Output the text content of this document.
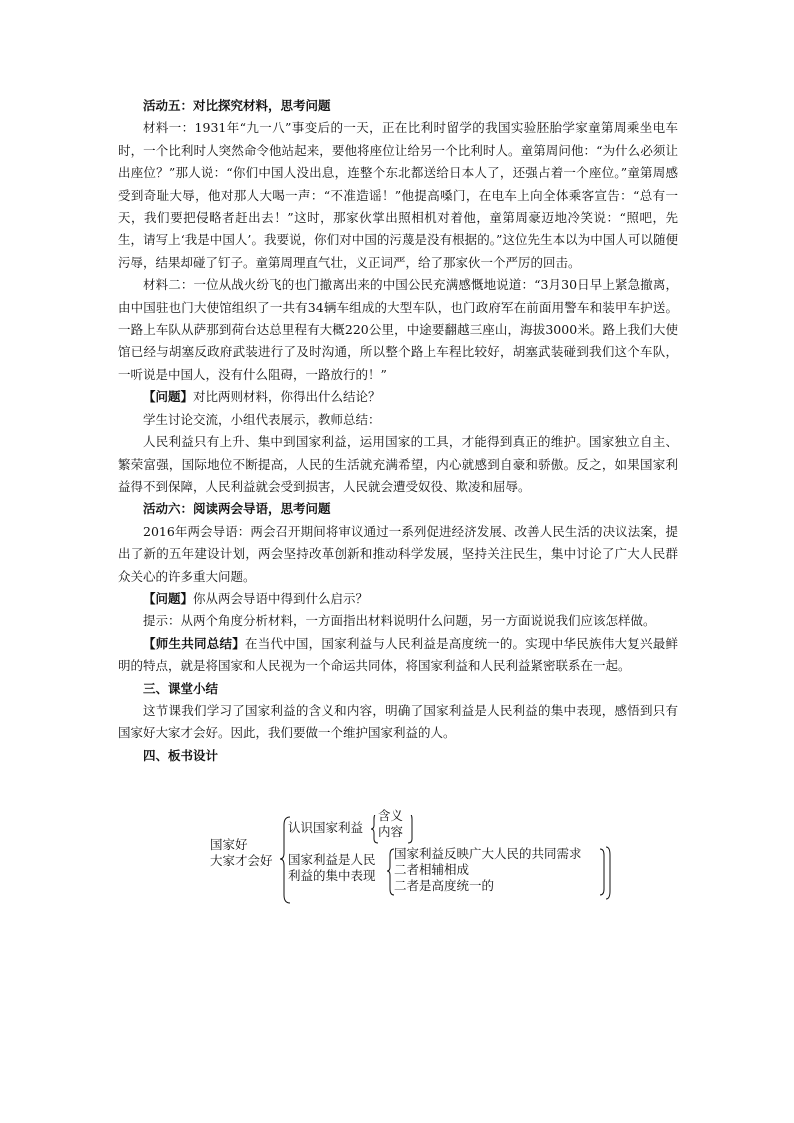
活动五：对比探究材料，思考问题

材料一：1931年“九一八”事变后的一天，正在比利时留学的我国实验胚胎学家童第周乘坐电车时，一个比利时人突然命令他站起来，要他将座位让给另一个比利时人。童第周问他：“为什么必须让出座位？”那人说：“你们中国人没出息，连整个东北都送给日本人了，还强占着一个座位。”童第周感受到奇耻大辱，他对那人大喝一声：“不准造谣！”他提高嗓门，在电车上向全体乘客宣告：“总有一天，我们要把侵略者赶出去！”这时，那家伙掌出照相机对着他，童第周豪迈地冷笑说：“照吧，先生，请写上‘我是中国人’。我要说，你们对中国的污蔑是没有根据的。”这位先生本以为中国人可以随便污辱，结果却碰了钉子。童第周理直气壮，义正词严，给了那家伙一个严厉的回击。

材料二：一位从战火纷飞的也门撤离出来的中国公民充满感慨地说道：“3月30日早上紧急撤离，由中国驻也门大使馆组织了一共有34辆车组成的大型车队，也门政府军在前面用警车和装甲车护送。一路上车队从萨那到荷台达总里程有大概220公里，中途要翻越三座山，海拔3000米。路上我们大使馆已经与胡塞反政府武装进行了及时沟通，所以整个路上车程比较好，胡塞武装碰到我们这个车队，一听说是中国人，没有什么阻碍，一路放行的！”

【问题】对比两则材料，你得出什么结论？

学生讨论交流，小组代表展示，教师总结：

人民利益只有上升、集中到国家利益，运用国家的工具，才能得到真正的维护。国家独立自主、繁荣富强，国际地位不断提高，人民的生活就充满希望，内心就感到自豪和骄傲。反之，如果国家利益得不到保障，人民利益就会受到损害，人民就会遭受奴役、欺凌和屈辱。

活动六：阅读两会导语，思考问题

2016年两会导语：两会召开期间将审议通过一系列促进经济发展、改善人民生活的决议法案，提出了新的五年建设计划，两会坚持改革创新和推动科学发展，坚持关注民生，集中讨论了广大人民群众关心的许多重大问题。

【问题】你从两会导语中得到什么启示？

提示：从两个角度分析材料，一方面指出材料说明什么问题，另一方面说说我们应该怎样做。

【师生共同总结】在当代中国，国家利益与人民利益是高度统一的。实现中华民族伟大复兴最鲜明的特点，就是将国家和人民视为一个命运共同体，将国家利益和人民利益紧密联系在一起。

三、课堂小结

这节课我们学习了国家利益的含义和内容，明确了国家利益是人民利益的集中表现，感悟到只有国家好大家才会好。因此，我们要做一个维护国家利益的人。

四、板书设计

国家好
大家才会好
认识国家利益
含义
内容
国家利益是人民
利益的集中表现
国家利益反映广大人民的共同需求
二者相辅相成
二者是高度统一的
